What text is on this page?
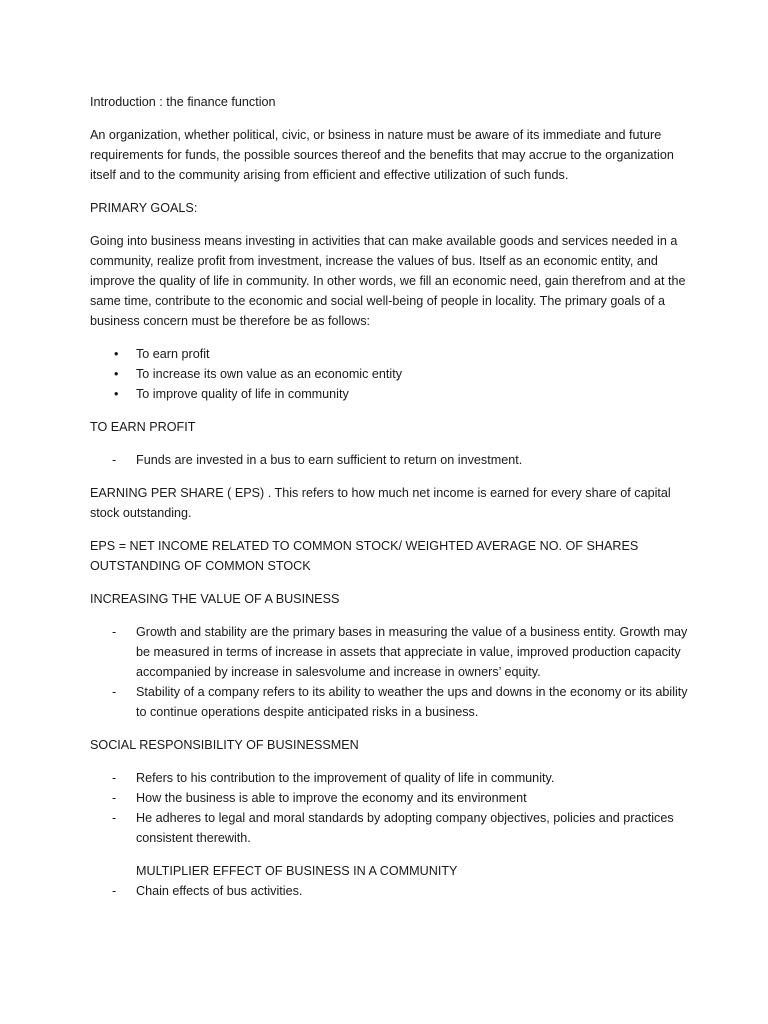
Introduction : the finance function

An organization, whether political, civic, or bsiness in nature must be aware of its immediate and future requirements for funds, the possible sources thereof and the benefits that may accrue to the organization itself and to the community arising from efficient and effective utilization of such funds.

PRIMARY GOALS:

Going into business means investing in activities that can make available goods and services needed in a community, realize profit from investment, increase the values of bus. Itself as an economic entity, and improve the quality of life in community. In other words, we fill an economic need, gain therefrom and at the same time, contribute to the economic and social well-being of people in locality. The primary goals of a business concern must be therefore be as follows:

• To earn profit
• To increase its own value as an economic entity
• To improve quality of life in community

TO EARN PROFIT

- Funds are invested in a bus to earn sufficient to return on investment.

EARNING PER SHARE ( EPS) . This refers to how much net income is earned for every share of capital stock outstanding.

EPS = NET INCOME RELATED TO COMMON STOCK/ WEIGHTED AVERAGE NO. OF SHARES OUTSTANDING OF COMMON STOCK

INCREASING THE VALUE OF A BUSINESS

- Growth and stability are the primary bases in measuring the value of a business entity. Growth may be measured in terms of increase in assets that appreciate in value, improved production capacity accompanied by increase in salesvolume and increase in owners’ equity.
- Stability of a company refers to its ability to weather the ups and downs in the economy or its ability to continue operations despite anticipated risks in a business.

SOCIAL RESPONSIBILITY OF BUSINESSMEN

- Refers to his contribution to the improvement of quality of life in community.
- How the business is able to improve the economy and its environment
- He adheres to legal and moral standards by adopting company objectives, policies and practices consistent therewith.

MULTIPLIER EFFECT OF BUSINESS IN A COMMUNITY

- Chain effects of bus activities.
